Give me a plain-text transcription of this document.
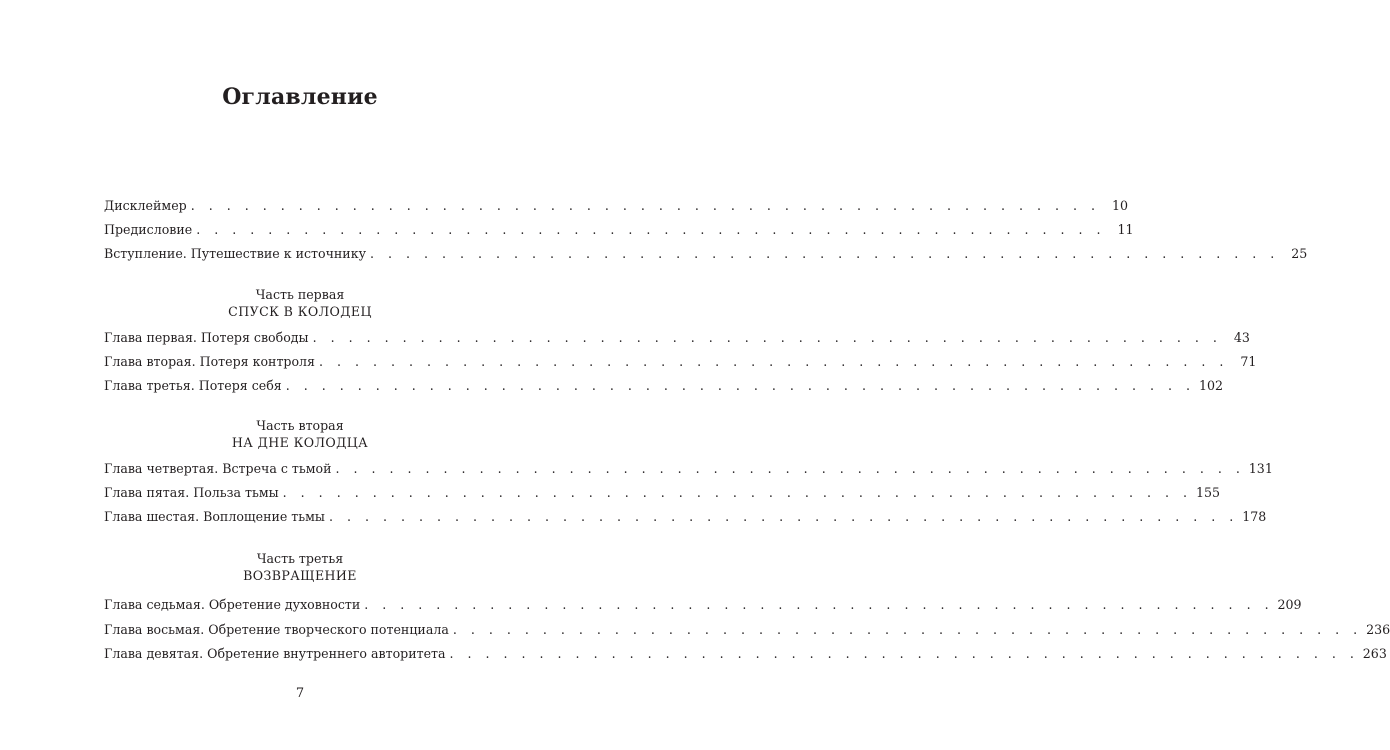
Оглавление
Дисклеймер . . . . . . . . . . . . . . . . . . . . . . . . . . . . . . . . . . . . . . . . . . . . . . . . . . . 10
Предисловие . . . . . . . . . . . . . . . . . . . . . . . . . . . . . . . . . . . . . . . . . . . . . . . . . . . 11
Вступление. Путешествие к источнику . . . . . . . . . . . . . . . . . . . . . . . . . . . . . . . . . . . . . . . . . . . . . . . . . . . 25

Часть первая

СПУСК В КОЛОДЕЦ

Глава первая. Потеря свободы . . . . . . . . . . . . . . . . . . . . . . . . . . . . . . . . . . . . . . . . . . . . . . . . . . . 43
Глава вторая. Потеря контроля . . . . . . . . . . . . . . . . . . . . . . . . . . . . . . . . . . . . . . . . . . . . . . . . . . . 71
Глава третья. Потеря себя . . . . . . . . . . . . . . . . . . . . . . . . . . . . . . . . . . . . . . . . . . . . . . . . . . . 102

Часть вторая

НА ДНЕ КОЛОДЦА

Глава четвертая. Встреча с тьмой . . . . . . . . . . . . . . . . . . . . . . . . . . . . . . . . . . . . . . . . . . . . . . . . . . . 131
Глава пятая. Польза тьмы . . . . . . . . . . . . . . . . . . . . . . . . . . . . . . . . . . . . . . . . . . . . . . . . . . . 155
Глава шестая. Воплощение тьмы . . . . . . . . . . . . . . . . . . . . . . . . . . . . . . . . . . . . . . . . . . . . . . . . . . . 178

Часть третья

ВОЗВРАЩЕНИЕ

Глава седьмая. Обретение духовности . . . . . . . . . . . . . . . . . . . . . . . . . . . . . . . . . . . . . . . . . . . . . . . . . . . 209
Глава восьмая. Обретение творческого потенциала . . . . . . . . . . . . . . . . . . . . . . . . . . . . . . . . . . . . . . . . . . . . . . . . . . . 236
Глава девятая. Обретение внутреннего авторитета . . . . . . . . . . . . . . . . . . . . . . . . . . . . . . . . . . . . . . . . . . . . . . . . . . . 263
7
